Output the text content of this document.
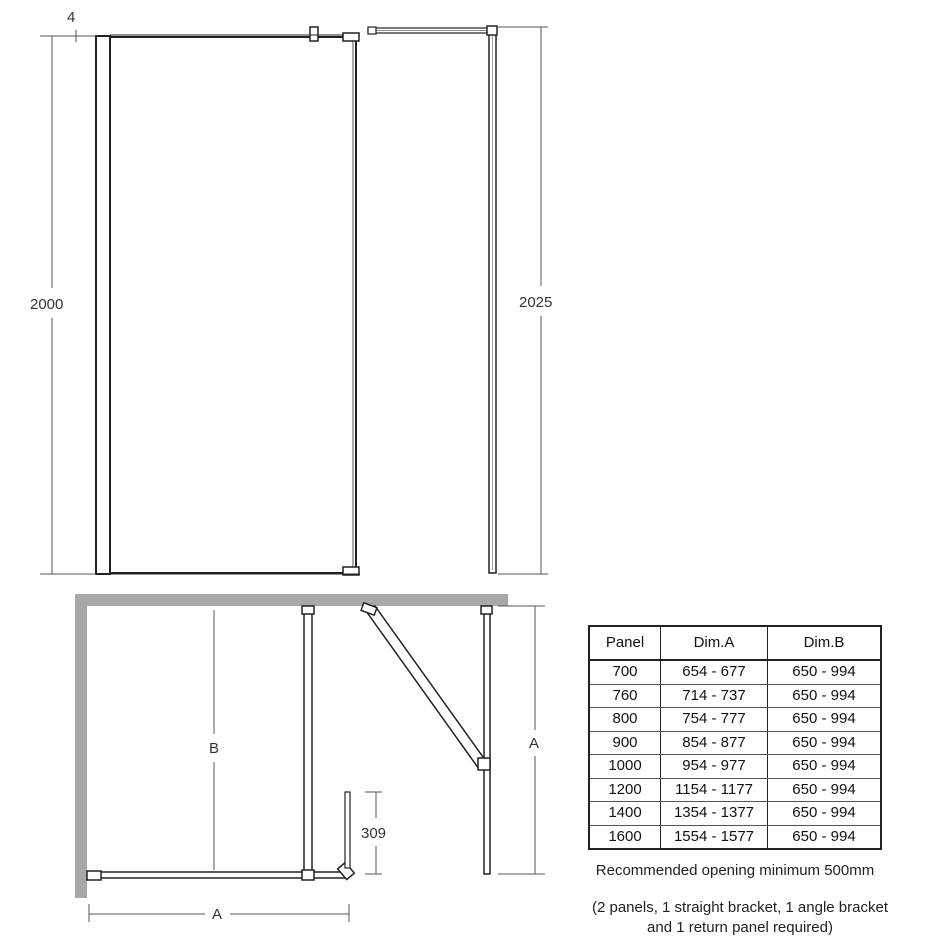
4
2000	2025
B	A
309
A
Panel	Dim.A	Dim.B
700	654 - 677	650 - 994
760	714 - 737	650 - 994
800	754 - 777	650 - 994
900	854 - 877	650 - 994
1000	954 - 977	650 - 994
1200	1154 - 1177	650 - 994
1400	1354 - 1377	650 - 994
1600	1554 - 1577	650 - 994
Recommended opening minimum 500mm
(2 panels, 1 straight bracket, 1 angle bracket
and 1 return panel required)
